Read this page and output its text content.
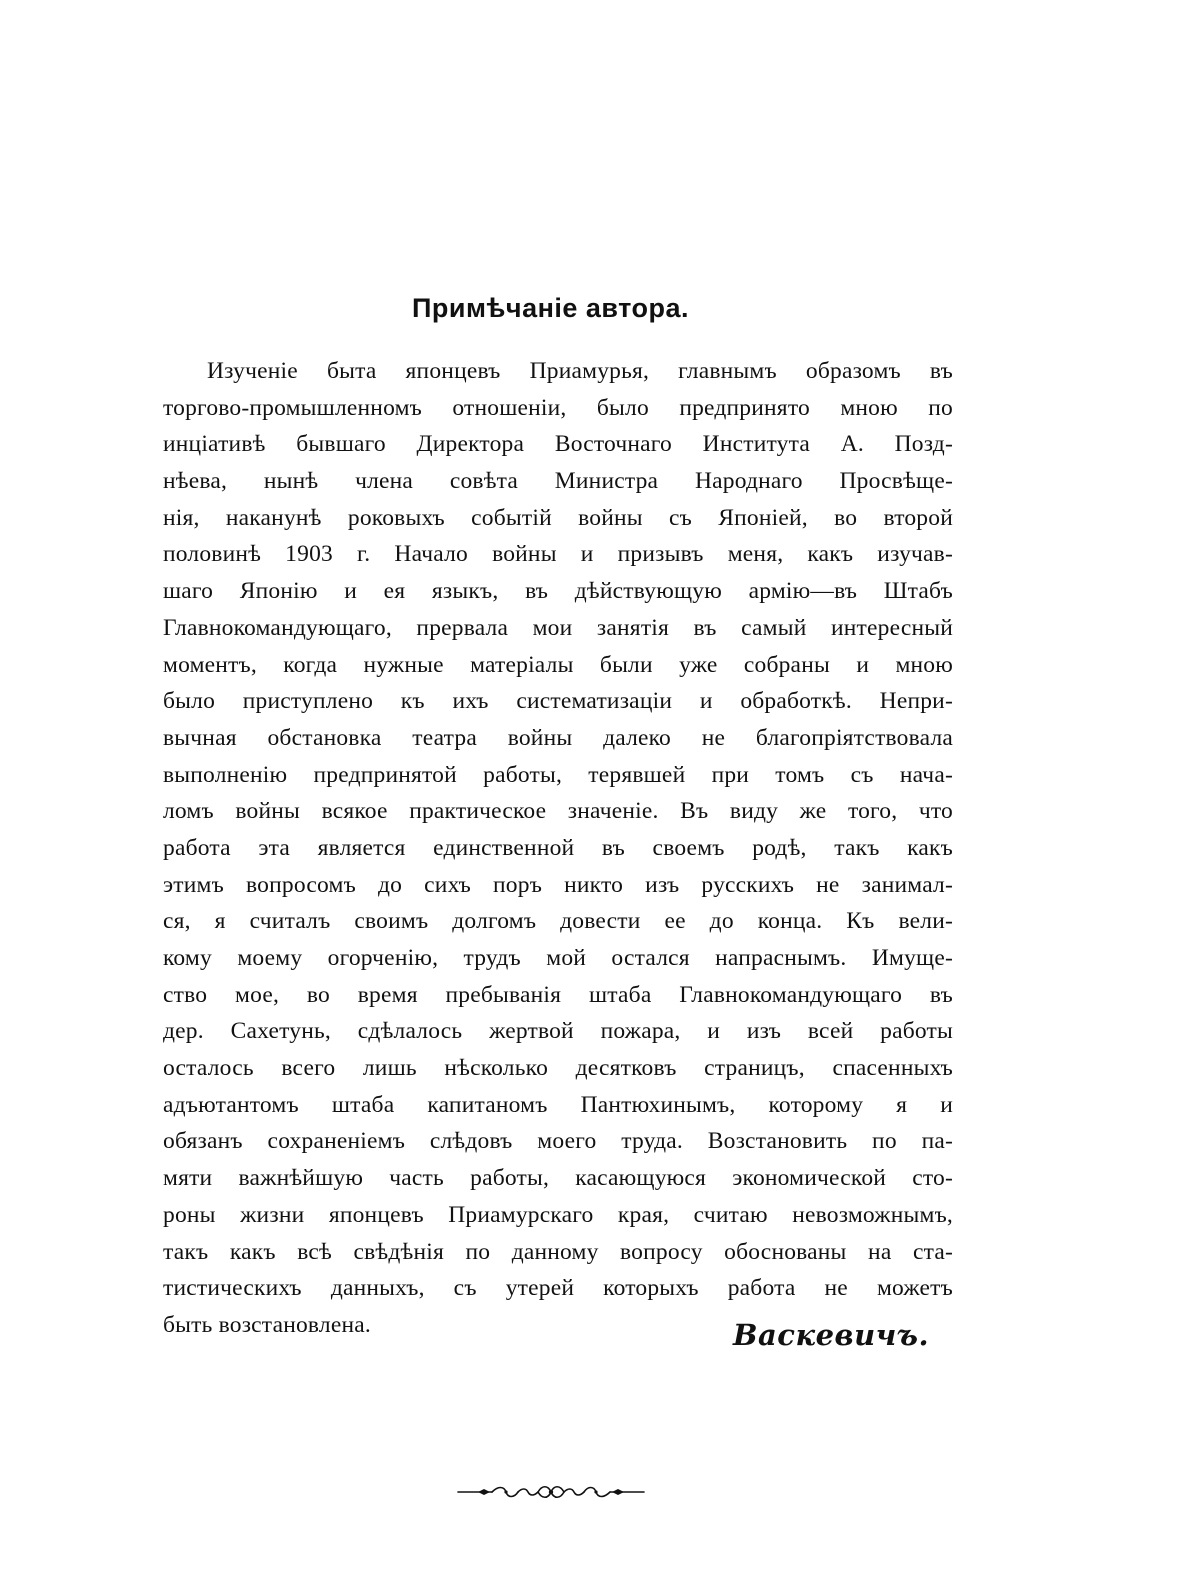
Примѣчаніе автора.
Изученіе быта японцевъ Приамурья, главнымъ образомъ въ
торгово-промышленномъ отношеніи, было предпринято мною по
инціативѣ бывшаго Директора Восточнаго Института А. Позд-
нѣева, нынѣ члена совѣта Министра Народнаго Просвѣще-
нія, наканунѣ роковыхъ событій войны съ Японіей, во второй
половинѣ 1903 г. Начало войны и призывъ меня, какъ изучав-
шаго Японію и ея языкъ, въ дѣйствующую армію—въ Штабъ
Главнокомандующаго, прервала мои занятія въ самый интересный
моментъ, когда нужные матеріалы были уже собраны и мною
было приступлено къ ихъ систематизаціи и обработкѣ. Непри-
вычная обстановка театра войны далеко не благопріятствовала
выполненію предпринятой работы, терявшей при томъ съ нача-
ломъ войны всякое практическое значеніе. Въ виду же того, что
работа эта является единственной въ своемъ родѣ, такъ какъ
этимъ вопросомъ до сихъ поръ никто изъ русскихъ не занимал-
ся, я считалъ своимъ долгомъ довести ее до конца. Къ вели-
кому моему огорченію, трудъ мой остался напраснымъ. Имуще-
ство мое, во время пребыванія штаба Главнокомандующаго въ
дер. Сахетунь, сдѣлалось жертвой пожара, и изъ всей работы
осталось всего лишь нѣсколько десятковъ страницъ, спасенныхъ
адъютантомъ штаба капитаномъ Пантюхинымъ, которому я и
обязанъ сохраненіемъ слѣдовъ моего труда. Возстановить по па-
мяти важнѣйшую часть работы, касающуюся экономической сто-
роны жизни японцевъ Приамурскаго края, считаю невозможнымъ,
такъ какъ всѣ свѣдѣнія по данному вопросу обоснованы на ста-
тистическихъ данныхъ, съ утерей которыхъ работа не можетъ
быть возстановлена.	Васкевичъ.
